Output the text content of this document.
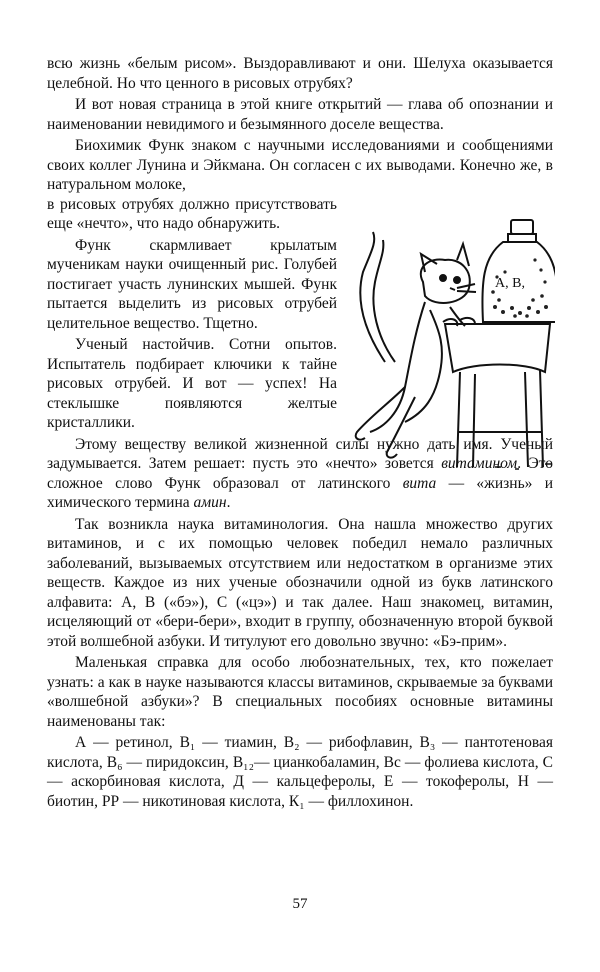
всю жизнь «белым рисом». Выздоравливают и они. Шелуха оказывается целебной. Но что ценного в рисовых отрубях?

И вот новая страница в этой книге открытий — глава об опознании и наименовании невидимого и безымянного доселе вещества.

Биохимик Функ знаком с научными исследованиями и сообщениями своих коллег Лунина и Эйкмана. Он согласен с их выводами. Конечно же, в натуральном молоке,

в рисовых отрубях должно присутствовать еще «нечто», что надо обнаружить.

Функ скармливает крылатым мученикам науки очищенный рис. Голубей постигает участь лунинских мышей. Функ пытается выделить из рисовых отрубей целительное вещество. Тщетно.

Ученый настойчив. Сотни опытов. Испытатель подбирает ключики к тайне рисовых отрубей. И вот — успех! На стеклышке появляются желтые кристаллики.

Этому веществу великой жизненной силы нужно дать имя. Ученый задумывается. Затем решает: пусть это «нечто» зовется витамином. Это сложное слово Функ образовал от латинского вита — «жизнь» и химического термина амин.

Так возникла наука витаминология. Она нашла множество других витаминов, и с их помощью человек победил немало различных заболеваний, вызываемых отсутствием или недостатком в организме этих веществ. Каждое из них ученые обозначили одной из букв латинского алфавита: А, В («бэ»), С («цэ») и так далее. Наш знакомец, витамин, исцеляющий от «бери-бери», входит в группу, обозначенную второй буквой этой волшебной азбуки. И титулуют его довольно звучно: «Бэ-прим».

Маленькая справка для особо любознательных, тех, кто пожелает узнать: а как в науке называются классы витаминов, скрываемые за буквами «волшебной азбуки»? В специальных пособиях основные витамины наименованы так:

А — ретинол, В₁ — тиамин, В₂ — рибофлавин, В₃ — пантотеновая кислота, В₆ — пиридоксин, В₁₂— цианкобаламин, Вс — фолиева кислота, С — аскорбиновая кислота, Д — кальцеферолы, Е — токоферолы, Н — биотин, РР — никотиновая кислота, К₁ — филлохинон.

A, B,
57
